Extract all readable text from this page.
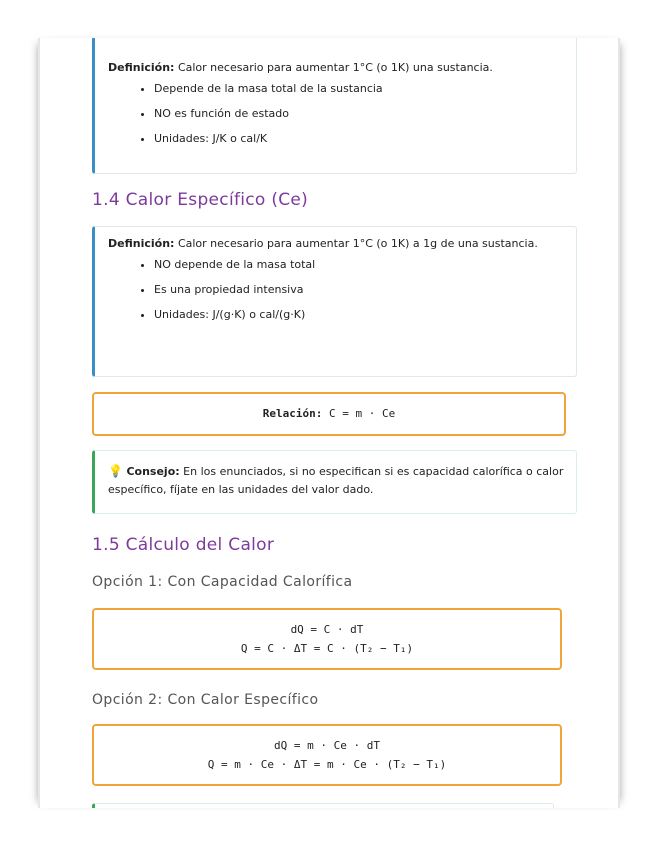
Definición: Calor necesario para aumentar 1°C (o 1K) una sustancia.
• Depende de la masa total de la sustancia
• NO es función de estado
• Unidades: J/K o cal/K
1.4 Calor Específico (Ce)
Definición: Calor necesario para aumentar 1°C (o 1K) a 1g de una sustancia.
• NO depende de la masa total
• Es una propiedad intensiva
• Unidades: J/(g·K) o cal/(g·K)
Relación: C = m · Ce
💡 Consejo: En los enunciados, si no especifican si es capacidad calorífica o calor específico, fíjate en las unidades del valor dado.
1.5 Cálculo del Calor
Opción 1: Con Capacidad Calorífica
dQ = C · dT
Q = C · ΔT = C · (T₂ − T₁)
Opción 2: Con Calor Específico
dQ = m · Ce · dT
Q = m · Ce · ΔT = m · Ce · (T₂ − T₁)
